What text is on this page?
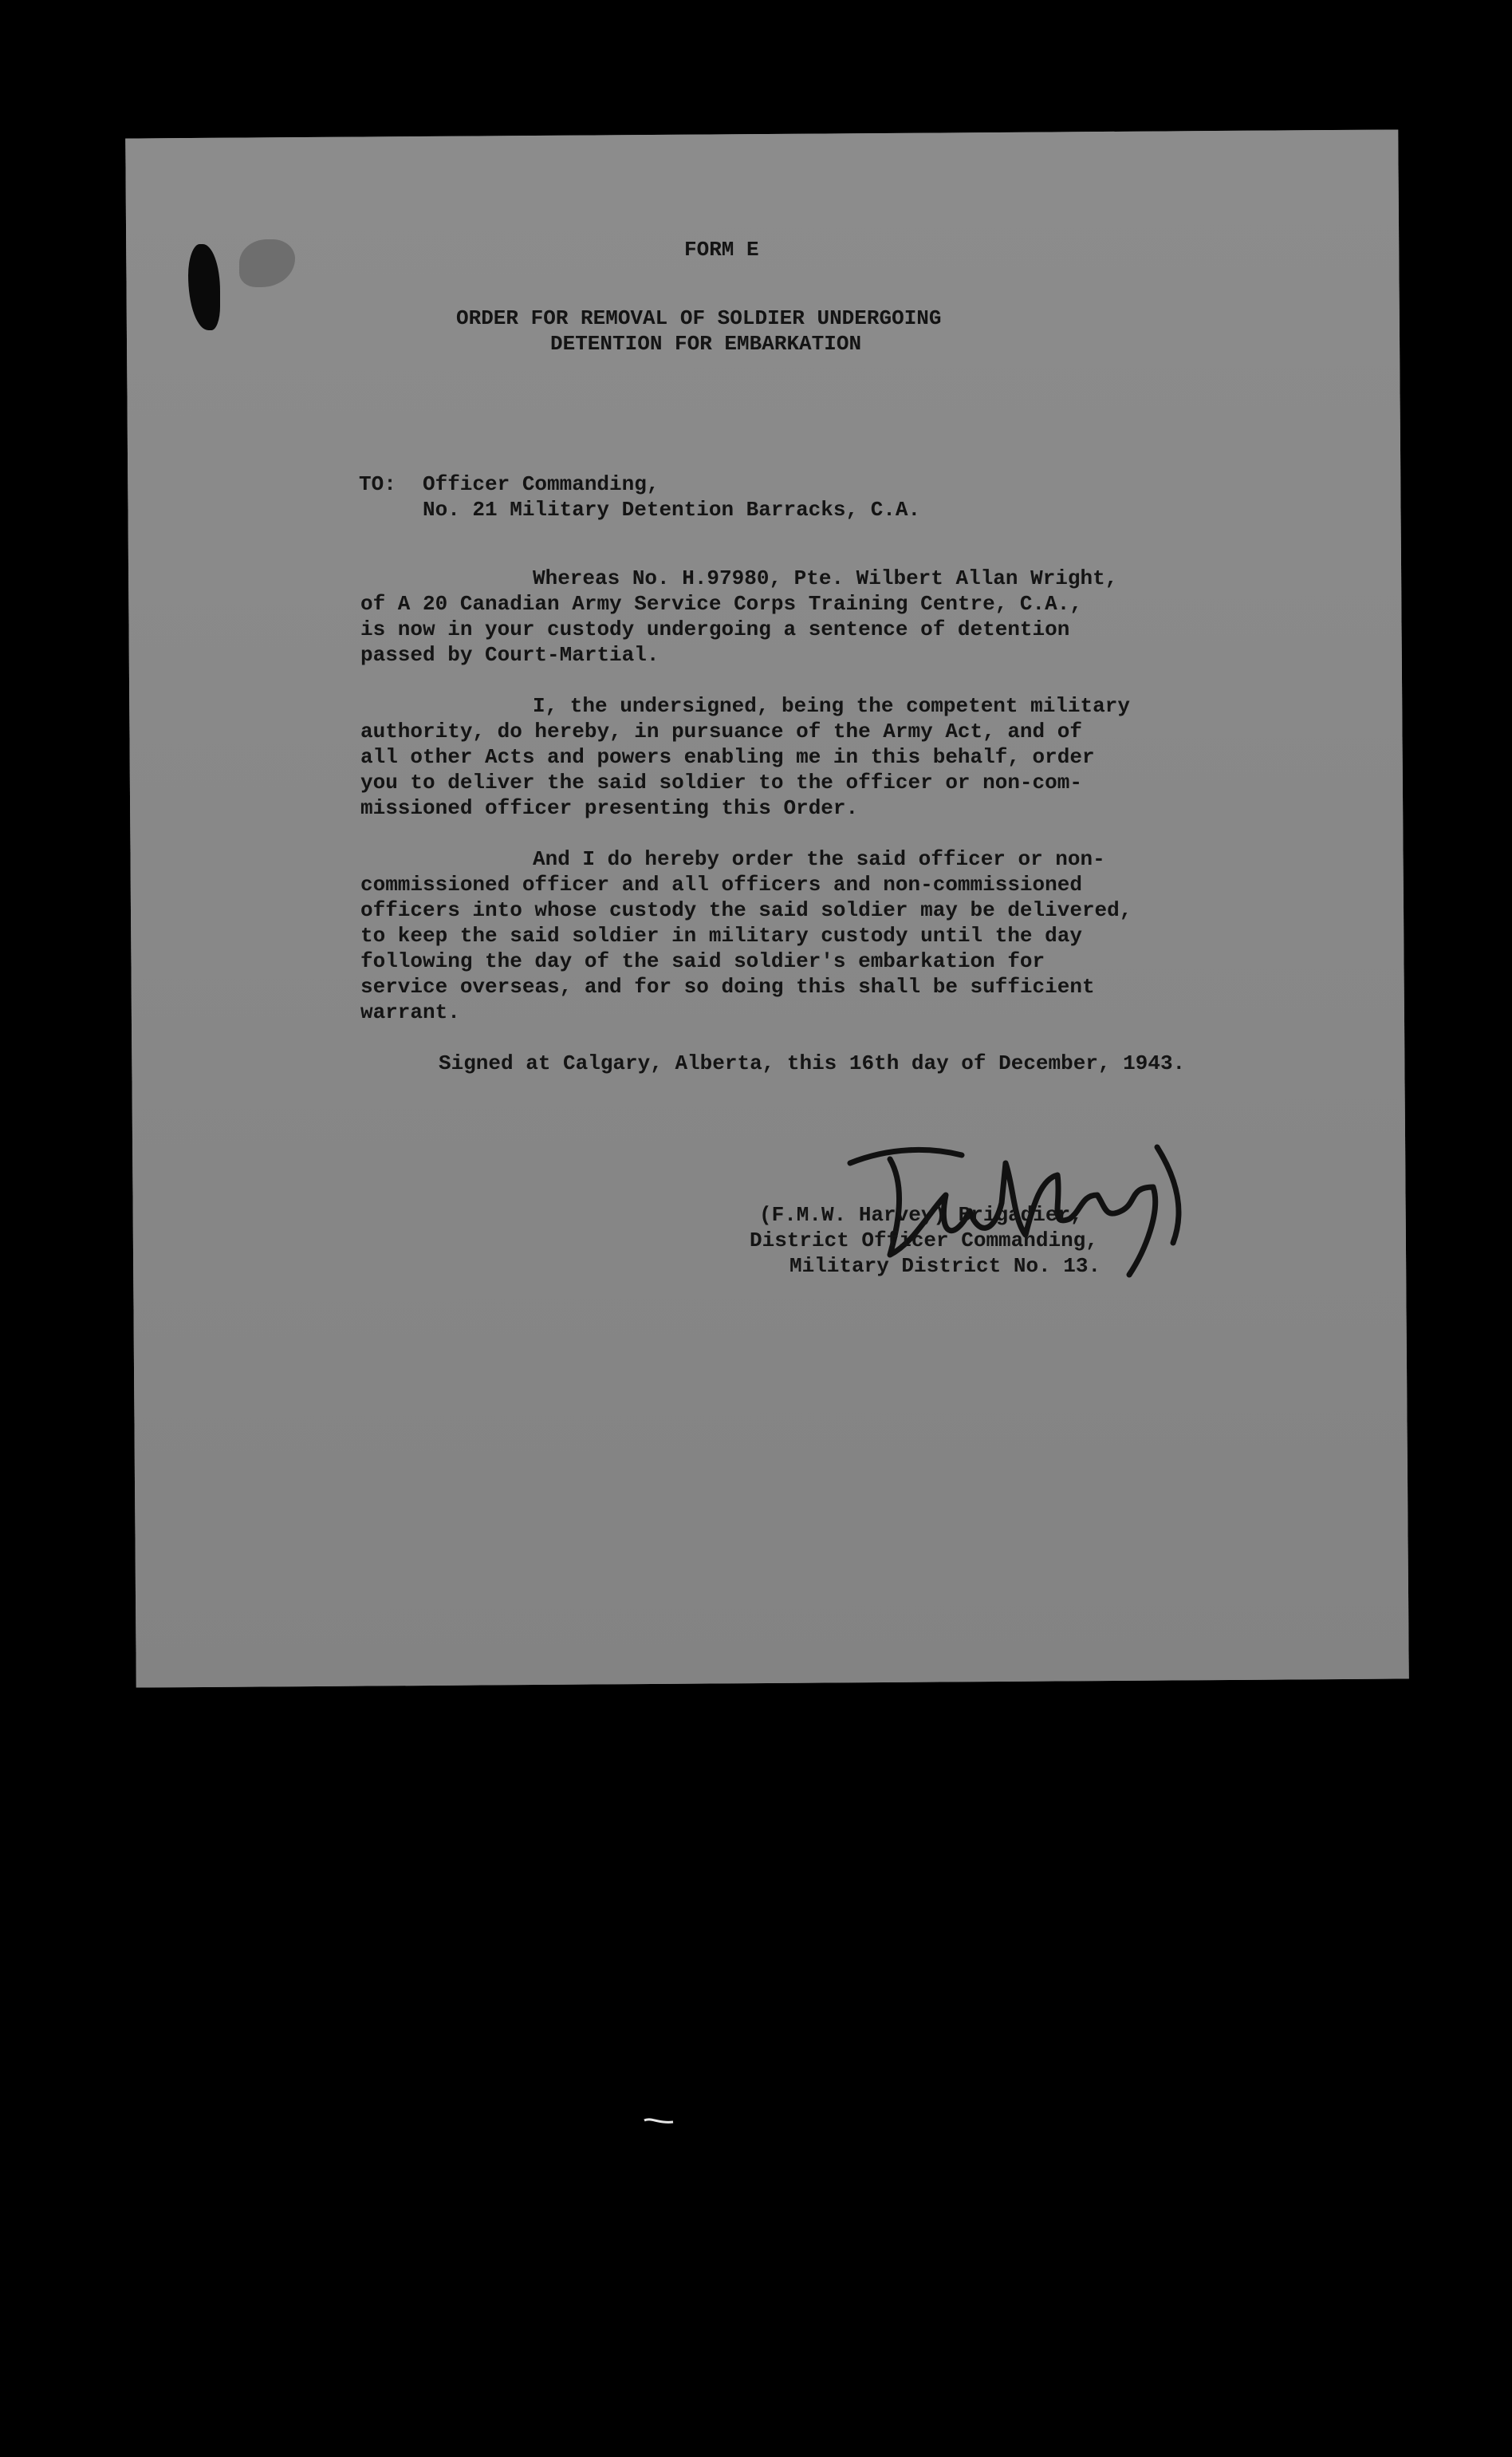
FORM E
ORDER FOR REMOVAL OF SOLDIER UNDERGOING
DETENTION FOR EMBARKATION
TO: Officer Commanding,
No. 21 Military Detention Barracks, C.A.
Whereas No. H.97980, Pte. Wilbert Allan Wright,
of A 20 Canadian Army Service Corps Training Centre, C.A.,
is now in your custody undergoing a sentence of detention
passed by Court-Martial.
I, the undersigned, being the competent military
authority, do hereby, in pursuance of the Army Act, and of
all other Acts and powers enabling me in this behalf, order
you to deliver the said soldier to the officer or non-com-
missioned officer presenting this Order.
And I do hereby order the said officer or non-
commissioned officer and all officers and non-commissioned
officers into whose custody the said soldier may be delivered,
to keep the said soldier in military custody until the day
following the day of the said soldier's embarkation for
service overseas, and for so doing this shall be sufficient
warrant.
Signed at Calgary, Alberta, this 16th day of December, 1943.
(F.M.W. Harvey) Brigadier,
District Officer Commanding,
Military District No. 13.
